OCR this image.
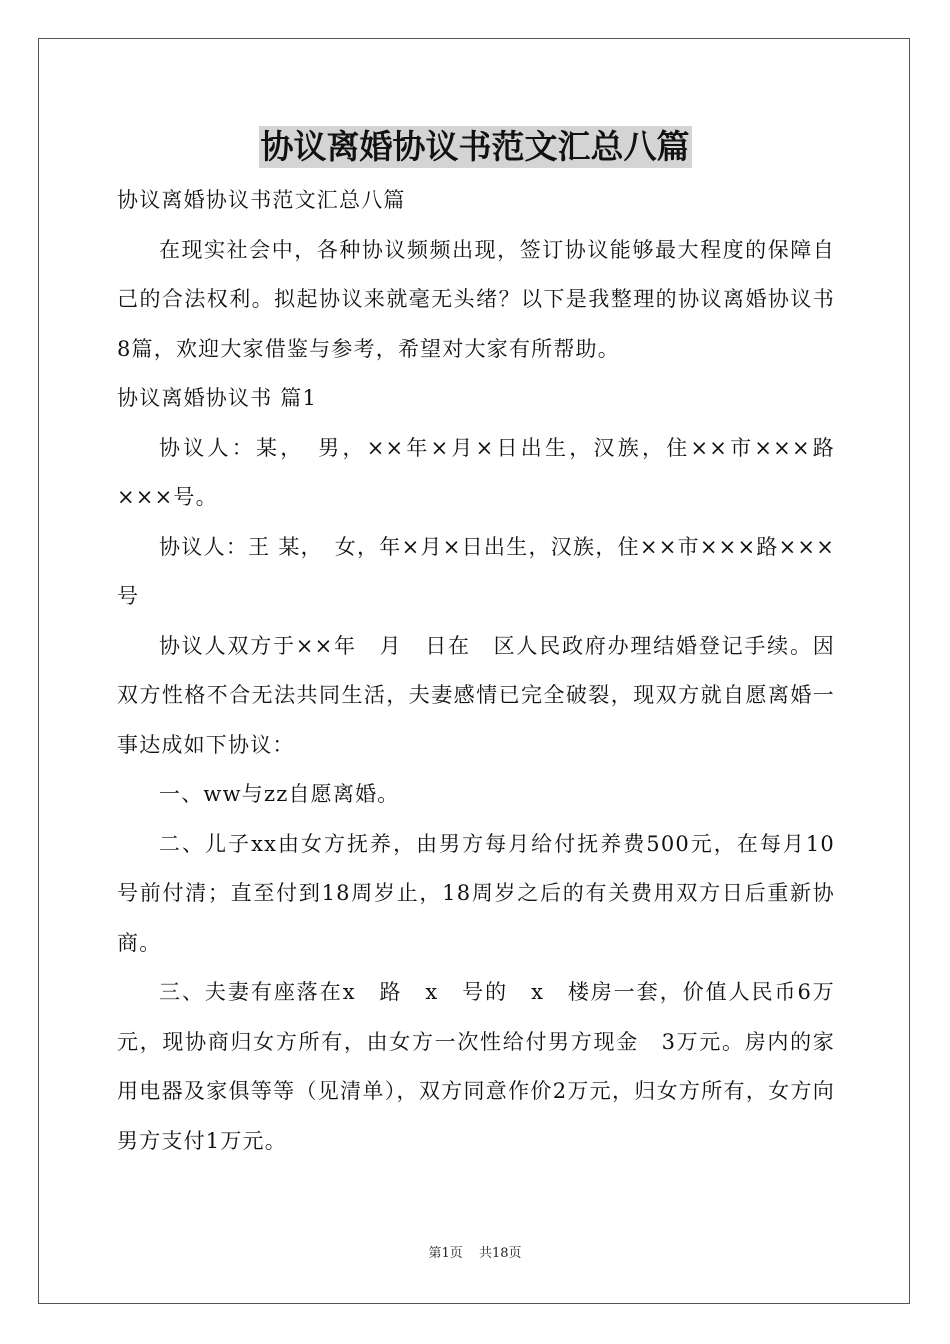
协议离婚协议书范文汇总八篇

协议离婚协议书范文汇总八篇

在现实社会中，各种协议频频出现，签订协议能够最大程度的保障自己的合法权利。拟起协议来就毫无头绪？以下是我整理的协议离婚协议书8篇，欢迎大家借鉴与参考，希望对大家有所帮助。

协议离婚协议书 篇1

协议人：某，　男，××年×月×日出生，汉族，住××市×××路×××号。

协议人：王 某，　女，年×月×日出生，汉族，住××市×××路×××号

协议人双方于××年　月　日在　区人民政府办理结婚登记手续。因双方性格不合无法共同生活，夫妻感情已完全破裂，现双方就自愿离婚一事达成如下协议：

一、ww与zz自愿离婚。

二、儿子xx由女方抚养，由男方每月给付抚养费500元，在每月10号前付清；直至付到18周岁止，18周岁之后的有关费用双方日后重新协商。

三、夫妻有座落在x　路　x　号的　x　楼房一套，价值人民币6万元，现协商归女方所有，由女方一次性给付男方现金　3万元。房内的家用电器及家俱等等（见清单），双方同意作价2万元，归女方所有，女方向男方支付1万元。

第1页 共18页
